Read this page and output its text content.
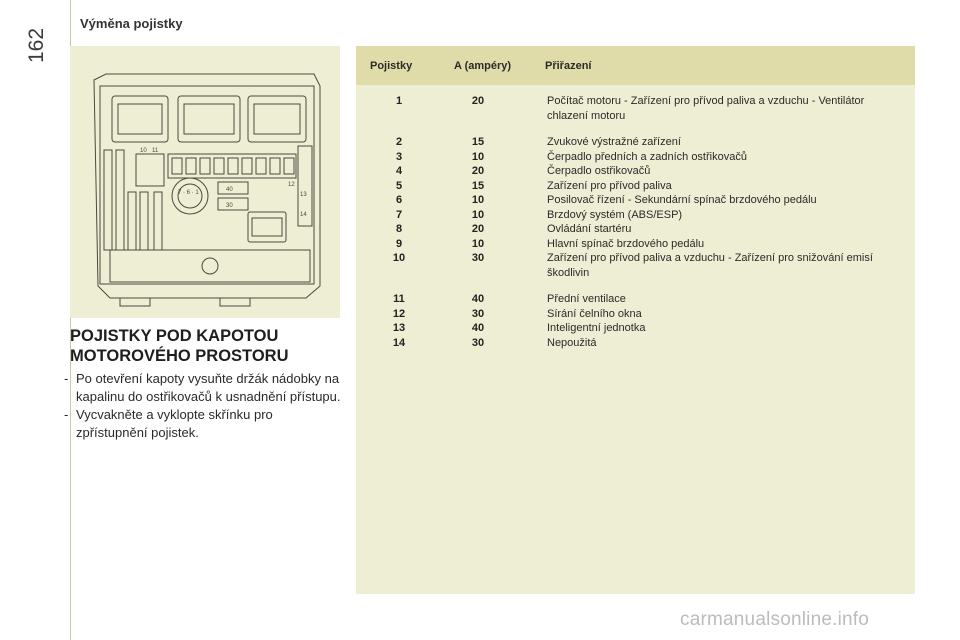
162
Výměna pojistky
10 11
12
13
14
40
30
7 · 6 · 1
POJISTKY POD KAPOTOU MOTOROVÉHO PROSTORU

- Po otevření kapoty vysuňte držák nádobky na kapalinu do ostřikovačů k usnadnění přístupu.

- Vycvakněte a vyklopte skřínku pro zpřístupnění pojistek.

Pojistky	A (ampéry)	Přiřazení
1	20	Počítač motoru - Zařízení pro přívod paliva a vzduchu - Ventilátor chlazení motoru
2	15	Zvukové výstražné zařízení
3	10	Čerpadlo předních a zadních ostřikovačů
4	20	Čerpadlo ostřikovačů
5	15	Zařízení pro přívod paliva
6	10	Posilovač řízení - Sekundární spínač brzdového pedálu
7	10	Brzdový systém (ABS/ESP)
8	20	Ovládání startéru
9	10	Hlavní spínač brzdového pedálu
10	30	Zařízení pro přívod paliva a vzduchu - Zařízení pro snižování emisí škodlivin
11	40	Přední ventilace
12	30	Sírání čelního okna
13	40	Inteligentní jednotka
14	30	Nepoužitá
carmanualsonline.info
